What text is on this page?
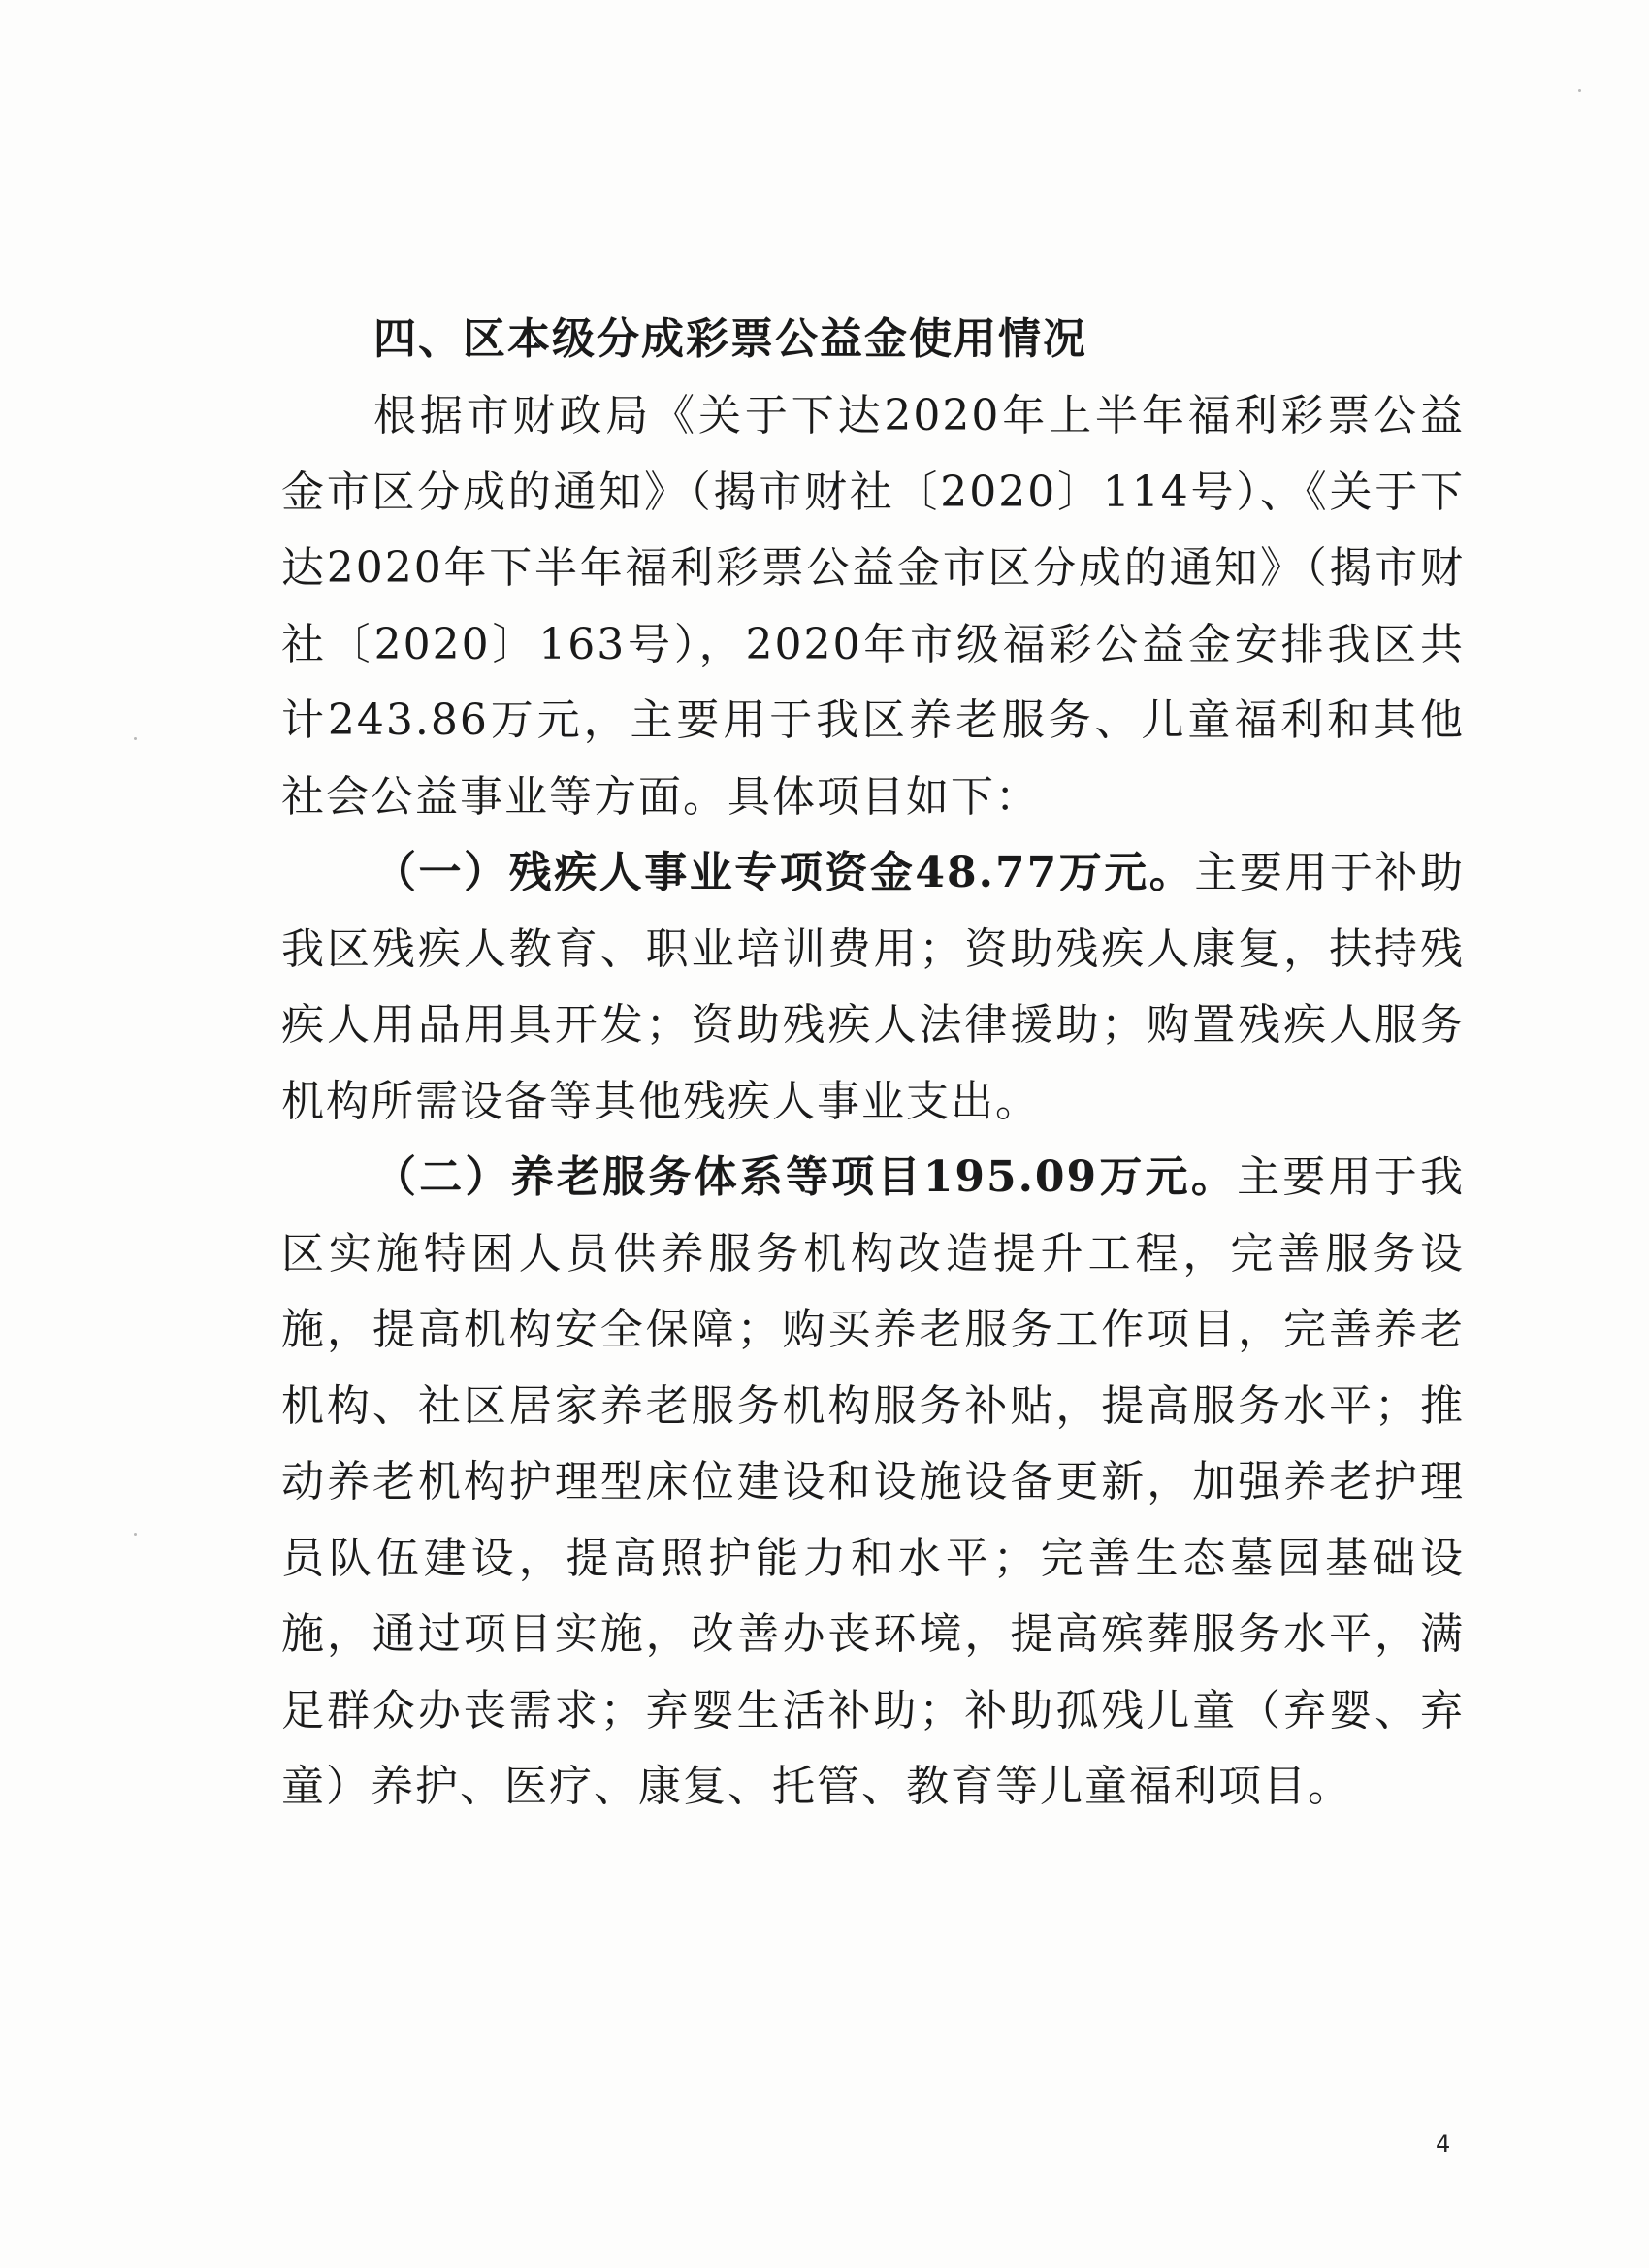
四、区本级分成彩票公益金使用情况

根据市财政局《关于下达2020年上半年福利彩票公益金市区分成的通知》（揭市财社〔2020〕114号）、《关于下达2020年下半年福利彩票公益金市区分成的通知》（揭市财社〔2020〕163号），2020年市级福彩公益金安排我区共计243.86万元，主要用于我区养老服务、儿童福利和其他社会公益事业等方面。具体项目如下：

（一）残疾人事业专项资金48.77万元。主要用于补助我区残疾人教育、职业培训费用；资助残疾人康复，扶持残疾人用品用具开发；资助残疾人法律援助；购置残疾人服务机构所需设备等其他残疾人事业支出。

（二）养老服务体系等项目195.09万元。主要用于我区实施特困人员供养服务机构改造提升工程，完善服务设施，提高机构安全保障；购买养老服务工作项目，完善养老机构、社区居家养老服务机构服务补贴，提高服务水平；推动养老机构护理型床位建设和设施设备更新，加强养老护理员队伍建设，提高照护能力和水平；完善生态墓园基础设施，通过项目实施，改善办丧环境，提高殡葬服务水平，满足群众办丧需求；弃婴生活补助；补助孤残儿童（弃婴、弃童）养护、医疗、康复、托管、教育等儿童福利项目。

4
